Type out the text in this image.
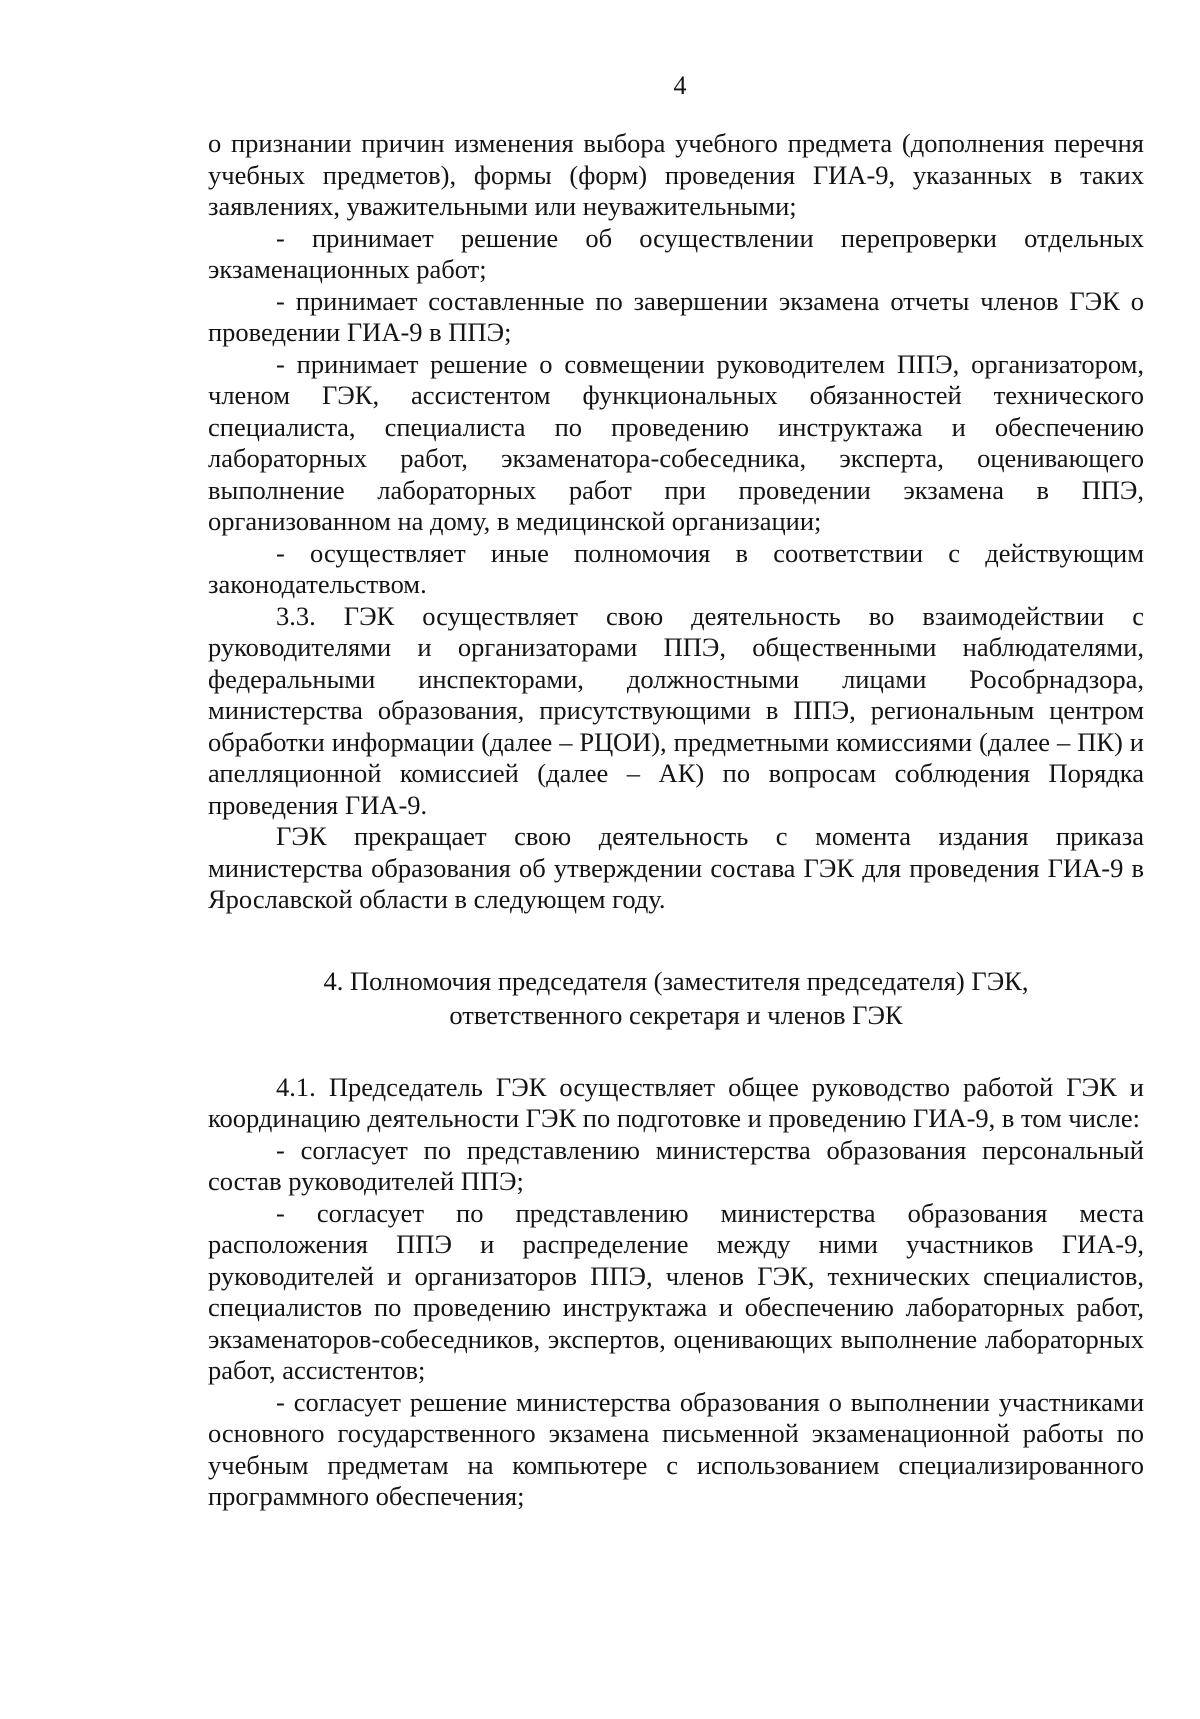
4

о признании причин изменения выбора учебного предмета (дополнения перечня учебных предметов), формы (форм) проведения ГИА-9, указанных в таких заявлениях, уважительными или неуважительными;

- принимает решение об осуществлении перепроверки отдельных экзаменационных работ;

- принимает составленные по завершении экзамена отчеты членов ГЭК о проведении ГИА-9 в ППЭ;

- принимает решение о совмещении руководителем ППЭ, организатором, членом ГЭК, ассистентом функциональных обязанностей технического специалиста, специалиста по проведению инструктажа и обеспечению лабораторных работ, экзаменатора-собеседника, эксперта, оценивающего выполнение лабораторных работ при проведении экзамена в ППЭ, организованном на дому, в медицинской организации;

- осуществляет иные полномочия в соответствии с действующим законодательством.

3.3. ГЭК осуществляет свою деятельность во взаимодействии с руководителями и организаторами ППЭ, общественными наблюдателями, федеральными инспекторами, должностными лицами Рособрнадзора, министерства образования, присутствующими в ППЭ, региональным центром обработки информации (далее – РЦОИ), предметными комиссиями (далее – ПК) и апелляционной комиссией (далее – АК) по вопросам соблюдения Порядка проведения ГИА-9.

ГЭК прекращает свою деятельность с момента издания приказа министерства образования об утверждении состава ГЭК для проведения ГИА-9 в Ярославской области в следующем году.

4. Полномочия председателя (заместителя председателя) ГЭК,
ответственного секретаря и членов ГЭК

4.1. Председатель ГЭК осуществляет общее руководство работой ГЭК и координацию деятельности ГЭК по подготовке и проведению ГИА-9, в том числе:

- согласует по представлению министерства образования персональный состав руководителей ППЭ;

- согласует по представлению министерства образования места расположения ППЭ и распределение между ними участников ГИА-9, руководителей и организаторов ППЭ, членов ГЭК, технических специалистов, специалистов по проведению инструктажа и обеспечению лабораторных работ, экзаменаторов-собеседников, экспертов, оценивающих выполнение лабораторных работ, ассистентов;

- согласует решение министерства образования о выполнении участниками основного государственного экзамена письменной экзаменационной работы по учебным предметам на компьютере с использованием специализированного программного обеспечения;
